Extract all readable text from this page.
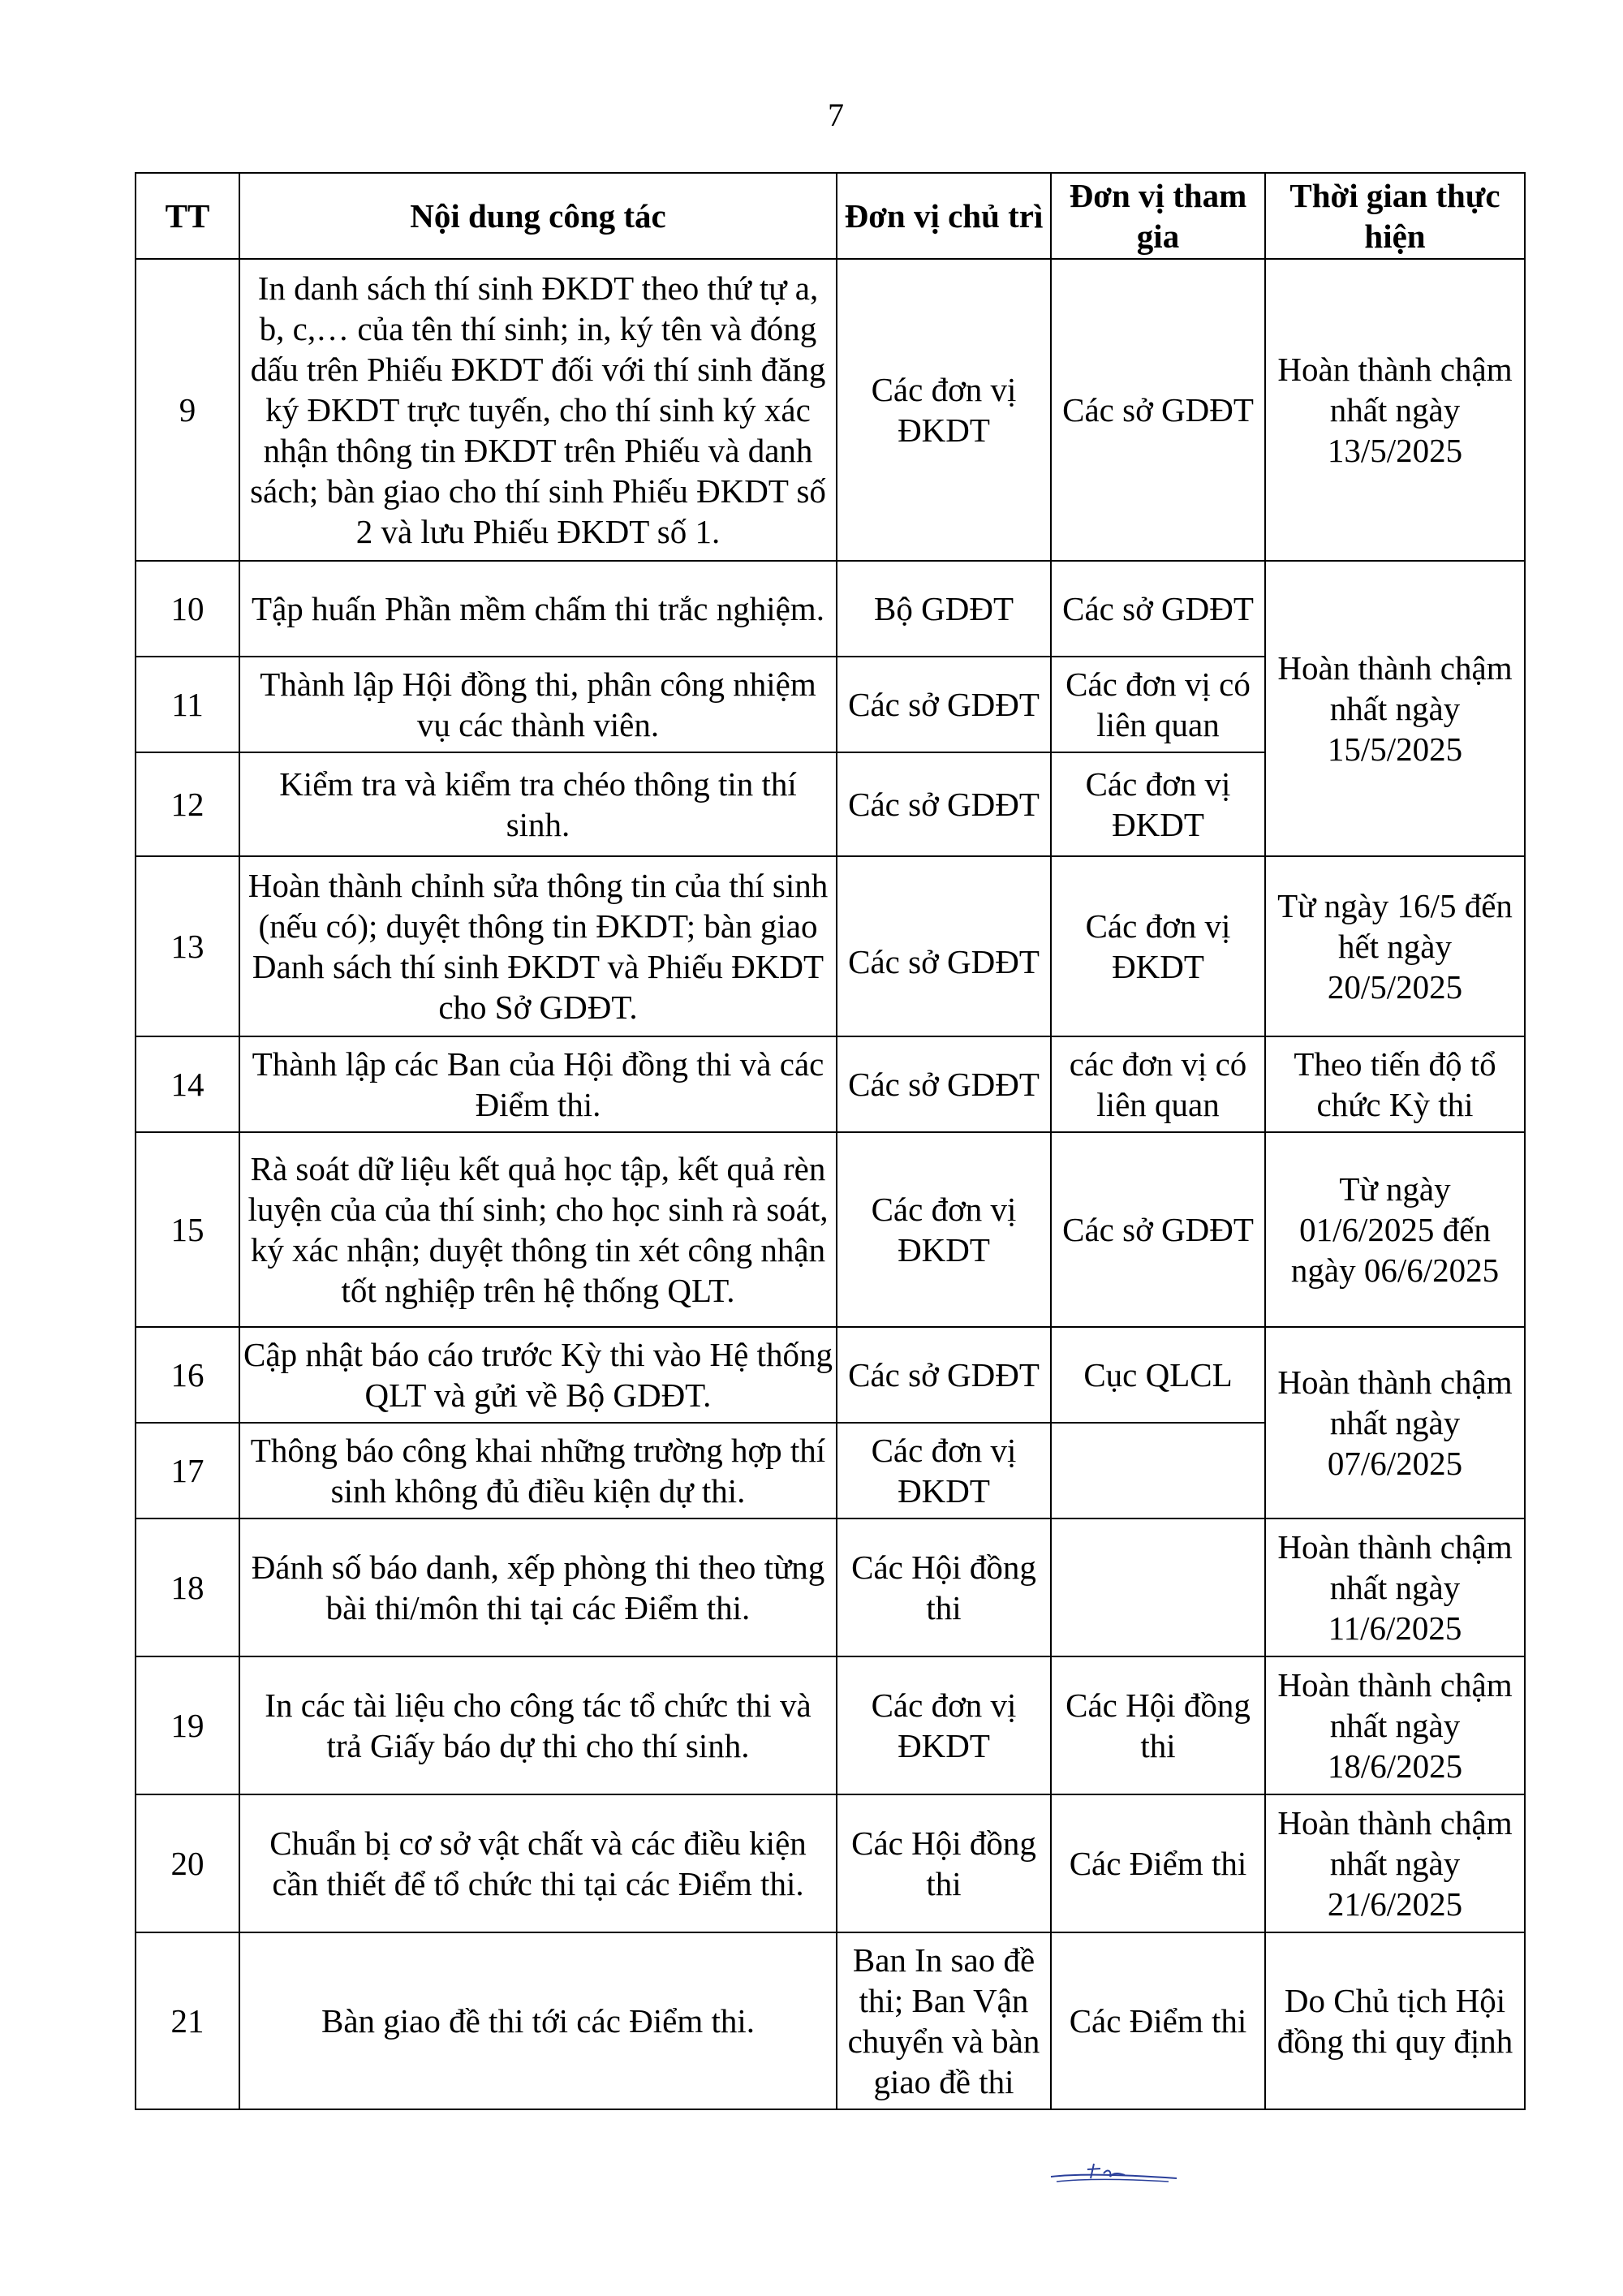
7
TT	Nội dung công tác	Đơn vị chủ trì	Đơn vị tham gia	Thời gian thực hiện
9	In danh sách thí sinh ĐKDT theo thứ tự a, b, c,… của tên thí sinh; in, ký tên và đóng dấu trên Phiếu ĐKDT đối với thí sinh đăng ký ĐKDT trực tuyến, cho thí sinh ký xác nhận thông tin ĐKDT trên Phiếu và danh sách; bàn giao cho thí sinh Phiếu ĐKDT số 2 và lưu Phiếu ĐKDT số 1.	Các đơn vị ĐKDT	Các sở GDĐT	Hoàn thành chậm nhất ngày 13/5/2025
10	Tập huấn Phần mềm chấm thi trắc nghiệm.	Bộ GDĐT	Các sở GDĐT	Hoàn thành chậm nhất ngày 15/5/2025
11	Thành lập Hội đồng thi, phân công nhiệm vụ các thành viên.	Các sở GDĐT	Các đơn vị có liên quan	
12	Kiểm tra và kiểm tra chéo thông tin thí sinh.	Các sở GDĐT	Các đơn vị ĐKDT	
13	Hoàn thành chỉnh sửa thông tin của thí sinh (nếu có); duyệt thông tin ĐKDT; bàn giao Danh sách thí sinh ĐKDT và Phiếu ĐKDT cho Sở GDĐT.	Các sở GDĐT	Các đơn vị ĐKDT	Từ ngày 16/5 đến hết ngày 20/5/2025
14	Thành lập các Ban của Hội đồng thi và các Điểm thi.	Các sở GDĐT	các đơn vị có liên quan	Theo tiến độ tổ chức Kỳ thi
15	Rà soát dữ liệu kết quả học tập, kết quả rèn luyện của của thí sinh; cho học sinh rà soát, ký xác nhận; duyệt thông tin xét công nhận tốt nghiệp trên hệ thống QLT.	Các đơn vị ĐKDT	Các sở GDĐT	Từ ngày 01/6/2025 đến ngày 06/6/2025
16	Cập nhật báo cáo trước Kỳ thi vào Hệ thống QLT và gửi về Bộ GDĐT.	Các sở GDĐT	Cục QLCL	Hoàn thành chậm nhất ngày 07/6/2025
17	Thông báo công khai những trường hợp thí sinh không đủ điều kiện dự thi.	Các đơn vị ĐKDT		
18	Đánh số báo danh, xếp phòng thi theo từng bài thi/môn thi tại các Điểm thi.	Các Hội đồng thi		Hoàn thành chậm nhất ngày 11/6/2025
19	In các tài liệu cho công tác tổ chức thi và trả Giấy báo dự thi cho thí sinh.	Các đơn vị ĐKDT	Các Hội đồng thi	Hoàn thành chậm nhất ngày 18/6/2025
20	Chuẩn bị cơ sở vật chất và các điều kiện cần thiết để tổ chức thi tại các Điểm thi.	Các Hội đồng thi	Các Điểm thi	Hoàn thành chậm nhất ngày 21/6/2025
21	Bàn giao đề thi tới các Điểm thi.	Ban In sao đề thi; Ban Vận chuyển và bàn giao đề thi	Các Điểm thi	Do Chủ tịch Hội đồng thi quy định
